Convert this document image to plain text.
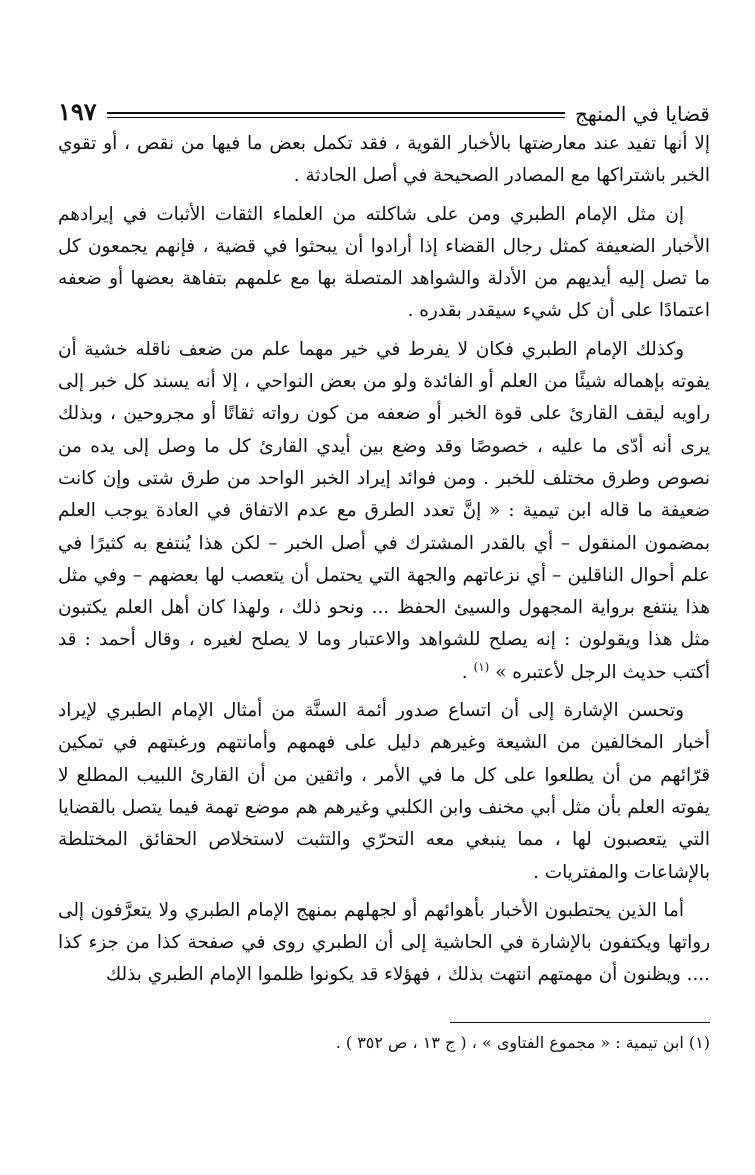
قضايا في المنهج
١٩٧

إلا أنها تفيد عند معارضتها بالأخبار القوية ، فقد تكمل بعض ما فيها من نقص ، أو تقوي الخبر باشتراكها مع المصادر الصحيحة في أصل الحادثة .

إن مثل الإمام الطبري ومن على شاكلته من العلماء الثقات الأثبات في إيرادهم الأخبار الضعيفة كمثل رجال القضاء إذا أرادوا أن يبحثوا في قضية ، فإنهم يجمعون كل ما تصل إليه أيديهم من الأدلة والشواهد المتصلة بها مع علمهم بتفاهة بعضها أو ضعفه اعتمادًا على أن كل شيء سيقدر بقدره .

وكذلك الإمام الطبري فكان لا يفرط في خير مهما علم من ضعف ناقله خشية أن يفوته بإهماله شيئًا من العلم أو الفائدة ولو من بعض النواحي ، إلا أنه يسند كل خبر إلى راويه ليقف القارئ على قوة الخبر أو ضعفه من كون رواته ثقاتًا أو مجروحين ، وبذلك يرى أنه أدّى ما عليه ، خصوصًا وقد وضع بين أيدي القارئ كل ما وصل إلى يده من نصوص وطرق مختلف للخبر . ومن فوائد إيراد الخبر الواحد من طرق شتى وإن كانت ضعيفة ما قاله ابن تيمية : « إنَّ تعدد الطرق مع عدم الاتفاق في العادة يوجب العلم بمضمون المنقول – أي بالقدر المشترك في أصل الخبر – لكن هذا يُنتفع به كثيرًا في علم أحوال الناقلين – أي نزعاتهم والجهة التي يحتمل أن يتعصب لها بعضهم – وفي مثل هذا ينتفع برواية المجهول والسيئ الحفظ ... ونحو ذلك ، ولهذا كان أهل العلم يكتبون مثل هذا ويقولون : إنه يصلح للشواهد والاعتبار وما لا يصلح لغيره ، وقال أحمد : قد أكتب حديث الرجل لأعتبره » $^{(١)}$ .

وتحسن الإشارة إلى أن اتساع صدور أئمة السنَّة من أمثال الإمام الطبري لإيراد أخبار المخالفين من الشيعة وغيرهم دليل على فهمهم وأمانتهم ورغبتهم في تمكين قرّائهم من أن يطلعوا على كل ما في الأمر ، واثقين من أن القارئ اللبيب المطلع لا يفوته العلم بأن مثل أبي مخنف وابن الكلبي وغيرهم هم موضع تهمة فيما يتصل بالقضايا التي يتعصبون لها ، مما ينبغي معه التحرّي والتثبت لاستخلاص الحقائق المختلطة بالإشاعات والمفتريات .

أما الذين يحتطبون الأخبار بأهوائهم أو لجهلهم بمنهج الإمام الطبري ولا يتعرَّفون إلى رواتها ويكتفون بالإشارة في الحاشية إلى أن الطبري روى في صفحة كذا من جزء كذا .... ويظنون أن مهمتهم انتهت بذلك ، فهؤلاء قد يكونوا ظلموا الإمام الطبري بذلك

(١) ابن تيمية : « مجموع الفتاوى » ، ( ج ١٣ ، ص ٣٥٢ ) .
